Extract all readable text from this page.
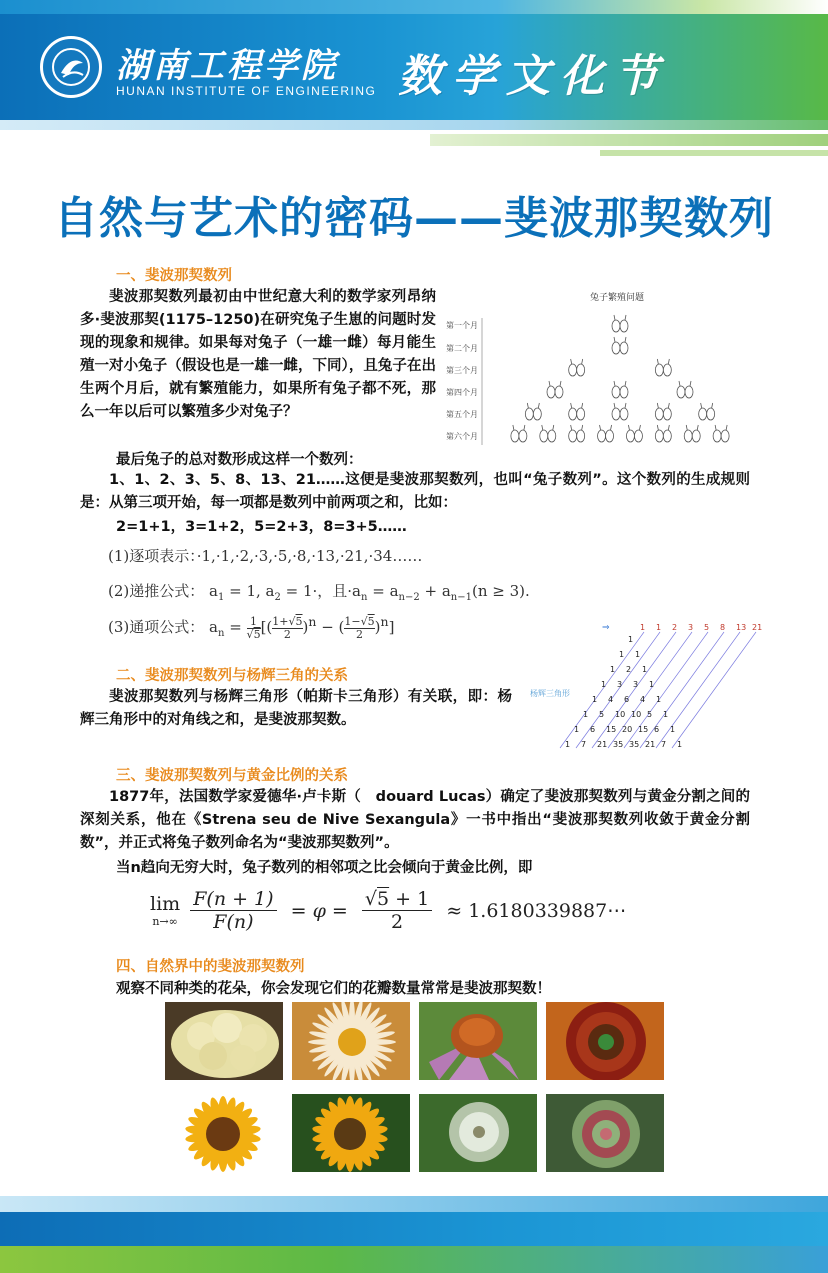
湖南工程学院
HUNAN INSTITUTE OF ENGINEERING 数学文化节
自然与艺术的密码——斐波那契数列
一、斐波那契数列

斐波那契数列最初由中世纪意大利的数学家列昂纳多·斐波那契(1175–1250)在研究兔子生崽的问题时发现的现象和规律。如果每对兔子（一雄一雌）每月能生殖一对小兔子（假设也是一雄一雌，下同），且兔子在出生两个月后，就有繁殖能力，如果所有兔子都不死，那么一年以后可以繁殖多少对兔子？

兔子繁殖问题
第一个月
第二个月
第三个月
第四个月
第五个月
第六个月
最后兔子的总对数形成这样一个数列：

1、1、2、3、5、8、13、21……这便是斐波那契数列，也叫“兔子数列”。这个数列的生成规则是：从第三项开始，每一项都是数列中前两项之和，比如：

2=1+1，3=1+2，5=2+3，8=3+5……
(1)逐项表示：·1,·1,·2,·3,·5,·8,·13,·21,·34……
(2)递推公式： $a_1 = 1$, $a_2 = 1\cdot$，且$\cdot a_n = a_{n-2} + a_{n-1}(n \ge 3)$.
(3)通项公式： $a_n = \frac{1}{√5}$ [( $\frac{1+√5}{2} )^n$ − ( $\frac{1-√5}{2} )^n$]
杨辉三角形
1 1 2 3 5 8 13 21
⇒
1
1 1
1 2 1
1 3 3 1
1 4 6 4 1
1 5 10 10 5 1
1 6 15 20 15 6 1
1 7 21 35 35 21 7 1
二、斐波那契数列与杨辉三角的关系

斐波那契数列与杨辉三角形（帕斯卡三角形）有关联，即：杨辉三角形中的对角线之和，是斐波那契数。

三、斐波那契数列与黄金比例的关系

1877年，法国数学家爱德华·卢卡斯（　douard Lucas）确定了斐波那契数列与黄金分割之间的深刻关系，他在《Strena seu de Nive Sexangula》一书中指出“斐波那契数列收敛于黄金分割数”，并正式将兔子数列命名为“斐波那契数列”。

当n趋向无穷大时，兔子数列的相邻项之比会倾向于黄金比例，即
lim
n→∞
$\frac{F(n + 1)}{F(n)} = \varphi = \frac{√5 + 1}{2}$ ≈ 1.6180339887⋯
四、自然界中的斐波那契数列
观察不同种类的花朵，你会发现它们的花瓣数量常常是斐波那契数！
